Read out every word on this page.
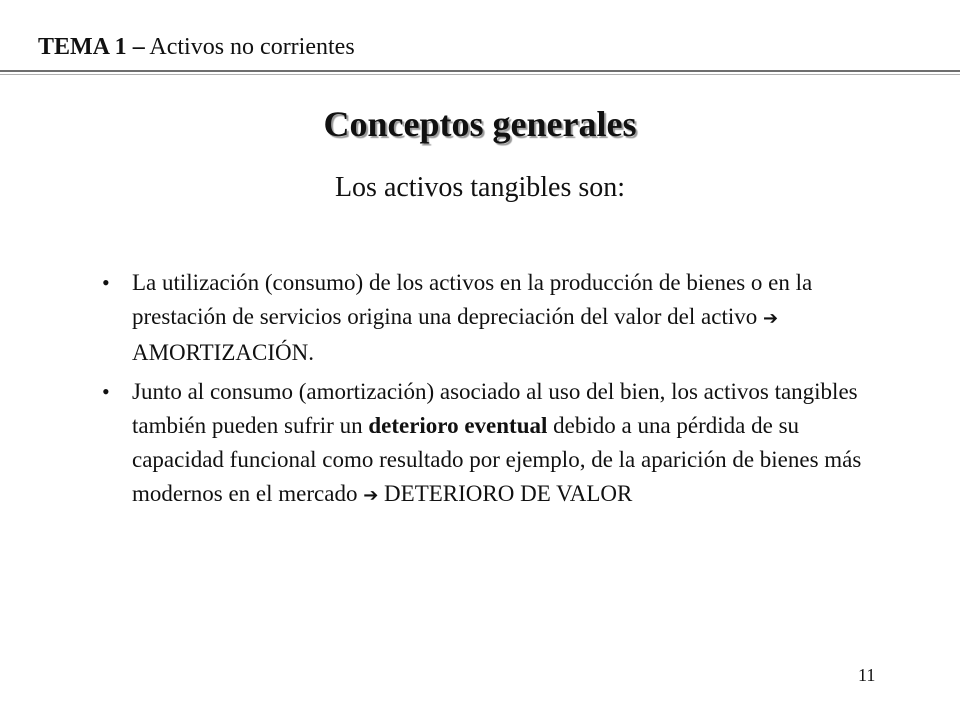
TEMA 1 – Activos no corrientes
Conceptos generales

Los activos tangibles son:

• La utilización (consumo) de los activos en la producción de bienes o en la prestación de servicios origina una depreciación del valor del activo ➔ AMORTIZACIÓN.
• Junto al consumo (amortización) asociado al uso del bien, los activos tangibles también pueden sufrir un deterioro eventual debido a una pérdida de su capacidad funcional como resultado por ejemplo, de la aparición de bienes más modernos en el mercado ➔ DETERIORO DE VALOR
11
